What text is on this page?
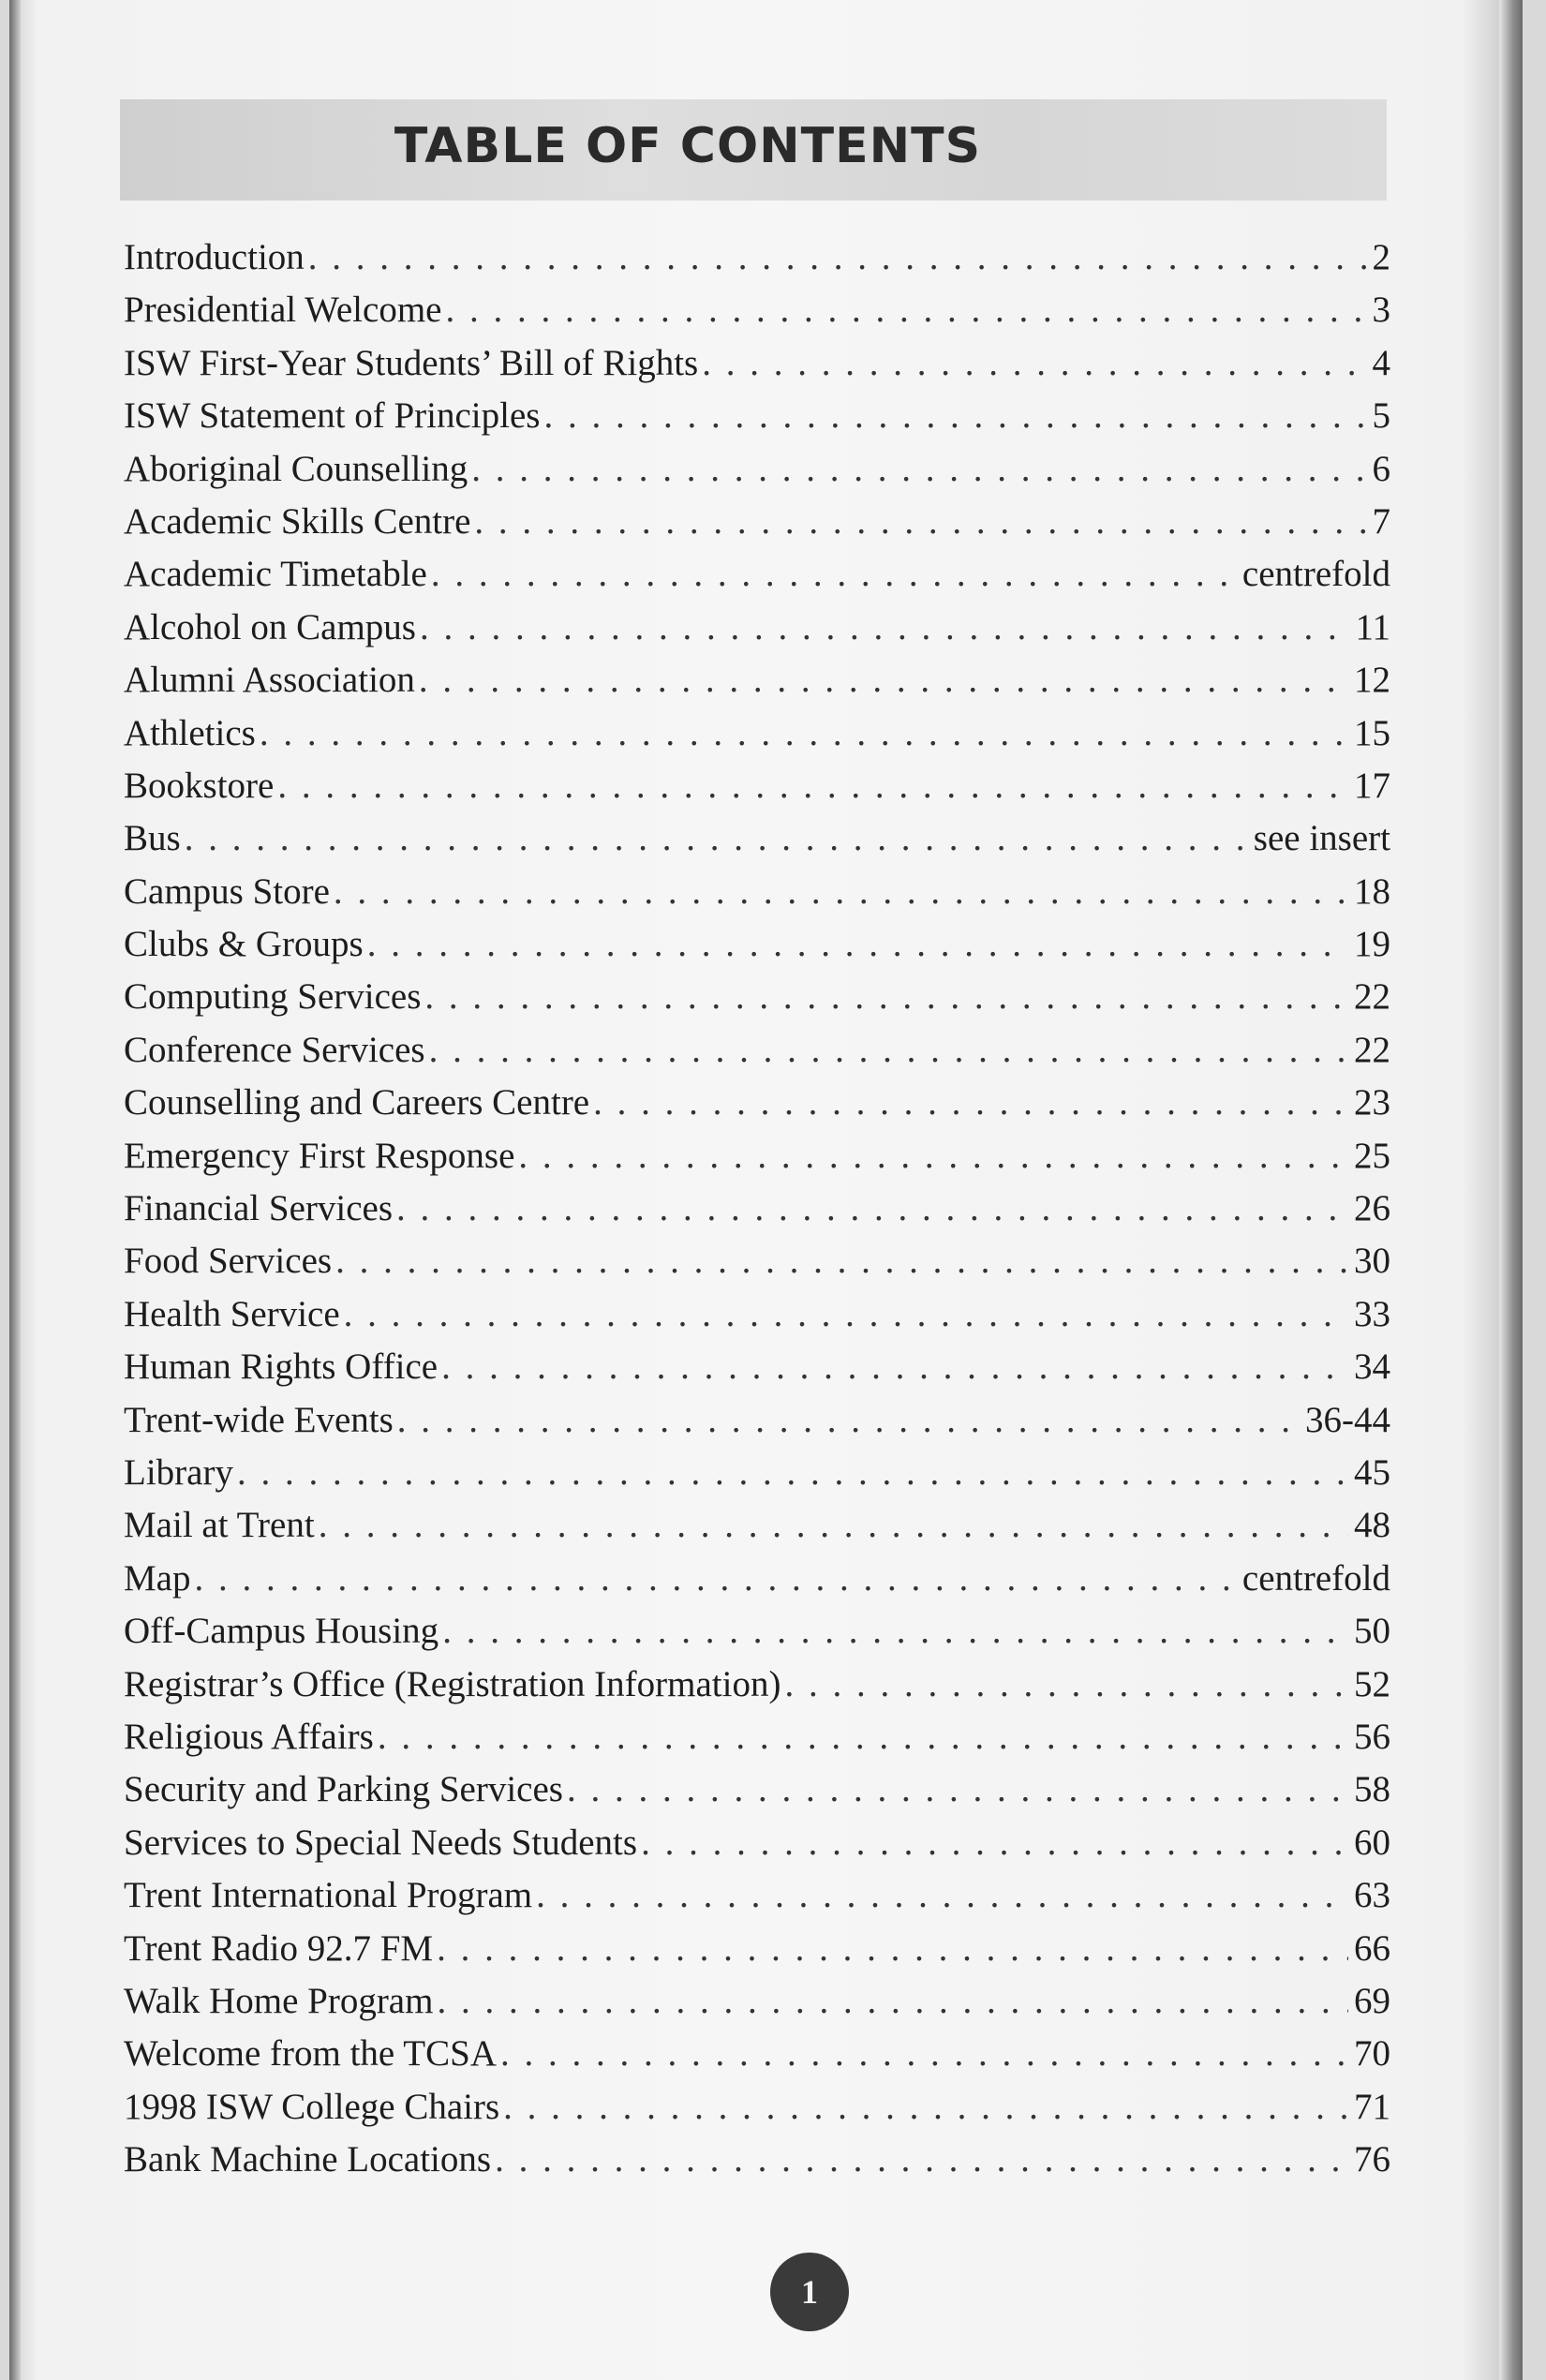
TABLE OF CONTENTS
Introduction . . .	2
Presidential Welcome . . .	3
ISW First-Year Students’ Bill of Rights . . .	4
ISW Statement of Principles . . .	5
Aboriginal Counselling . . .	6
Academic Skills Centre . . .	7
Academic Timetable . . .	centrefold
Alcohol on Campus . . .	11
Alumni Association . . .	12
Athletics . . .	15
Bookstore . . .	17
Bus . . .	see insert
Campus Store . . .	18
Clubs & Groups . . .	19
Computing Services . . .	22
Conference Services . . .	22
Counselling and Careers Centre . . .	23
Emergency First Response . . .	25
Financial Services . . .	26
Food Services . . .	30
Health Service . . .	33
Human Rights Office . . .	34
Trent-wide Events . . .	36-44
Library . . .	45
Mail at Trent . . .	48
Map . . .	centrefold
Off-Campus Housing . . .	50
Registrar’s Office (Registration Information) . . .	52
Religious Affairs . . .	56
Security and Parking Services . . .	58
Services to Special Needs Students . . .	60
Trent International Program . . .	63
Trent Radio 92.7 FM . . .	66
Walk Home Program . . .	69
Welcome from the TCSA . . .	70
1998 ISW College Chairs . . .	71
Bank Machine Locations . . .	76
1
